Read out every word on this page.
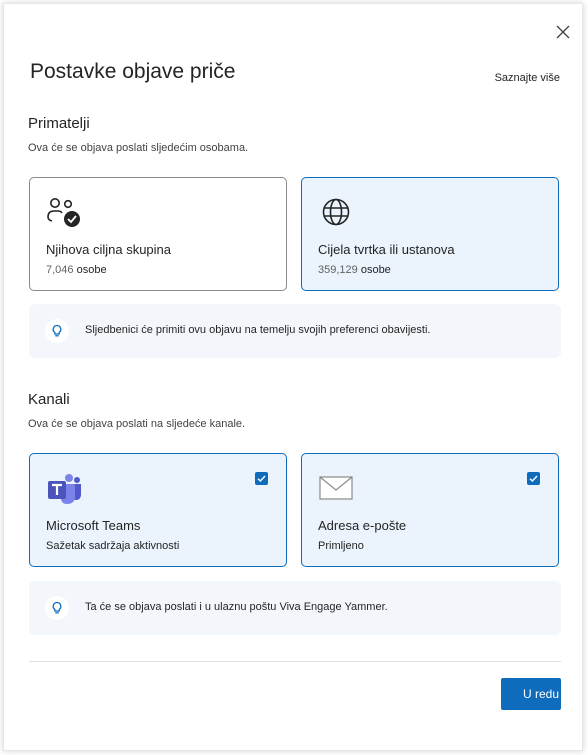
Postavke objave priče	Saznajte više
Primatelji
Ova će se objava poslati sljedećim osobama.
Njihova ciljna skupina
7,046 osobe
Cijela tvrtka ili ustanova
359,129 osobe
Sljedbenici će primiti ovu objavu na temelju svojih preferenci obavijesti.
Kanali
Ova će se objava poslati na sljedeće kanale.
Microsoft Teams
Sažetak sadržaja aktivnosti
Adresa e-pošte
Primljeno
Ta će se objava poslati i u ulaznu poštu Viva Engage Yammer.
U redu
